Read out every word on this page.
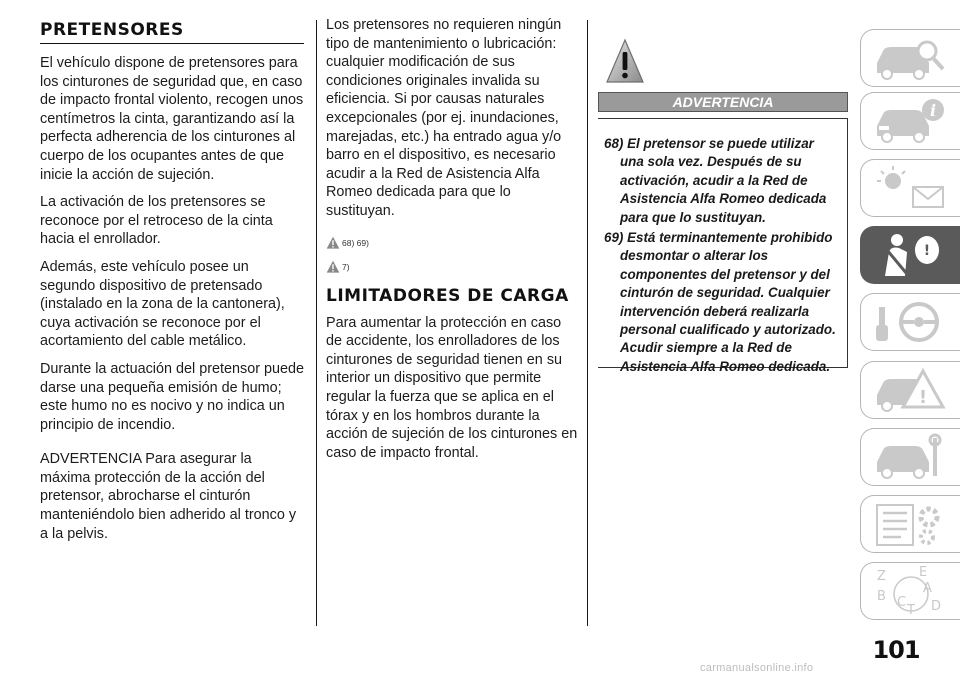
PRETENSORES

El vehículo dispone de pretensores para los cinturones de seguridad que, en caso de impacto frontal violento, recogen unos centímetros la cinta, garantizando así la perfecta adherencia de los cinturones al cuerpo de los ocupantes antes de que inicie la acción de sujeción.

La activación de los pretensores se reconoce por el retroceso de la cinta hacia el enrollador.

Además, este vehículo posee un segundo dispositivo de pretensado (instalado en la zona de la cantonera), cuya activación se reconoce por el acortamiento del cable metálico.

Durante la actuación del pretensor puede darse una pequeña emisión de humo; este humo no es nocivo y no indica un principio de incendio.

ADVERTENCIA Para asegurar la máxima protección de la acción del pretensor, abrocharse el cinturón manteniéndolo bien adherido al tronco y a la pelvis.

Los pretensores no requieren ningún tipo de mantenimiento o lubricación: cualquier modificación de sus condiciones originales invalida su eficiencia. Si por causas naturales excepcionales (por ej. inundaciones, marejadas, etc.) ha entrado agua y/o barro en el dispositivo, es necesario acudir a la Red de Asistencia Alfa Romeo dedicada para que lo sustituyan.

68) 69)
7)
LIMITADORES DE CARGA

Para aumentar la protección en caso de accidente, los enrolladores de los cinturones de seguridad tienen en su interior un dispositivo que permite regular la fuerza que se aplica en el tórax y en los hombros durante la acción de sujeción de los cinturones en caso de impacto frontal.

ADVERTENCIA
68) El pretensor se puede utilizar una sola vez. Después de su activación, acudir a la Red de Asistencia Alfa Romeo dedicada para que lo sustituyan.
69) Está terminantemente prohibido desmontar o alterar los componentes del pretensor y del cinturón de seguridad. Cualquier intervención deberá realizarla personal cualificado y autorizado. Acudir siempre a la Red de Asistencia Alfa Romeo dedicada.
i
!
!
Z	E
A
B C
T D
101
carmanualsonline.info
